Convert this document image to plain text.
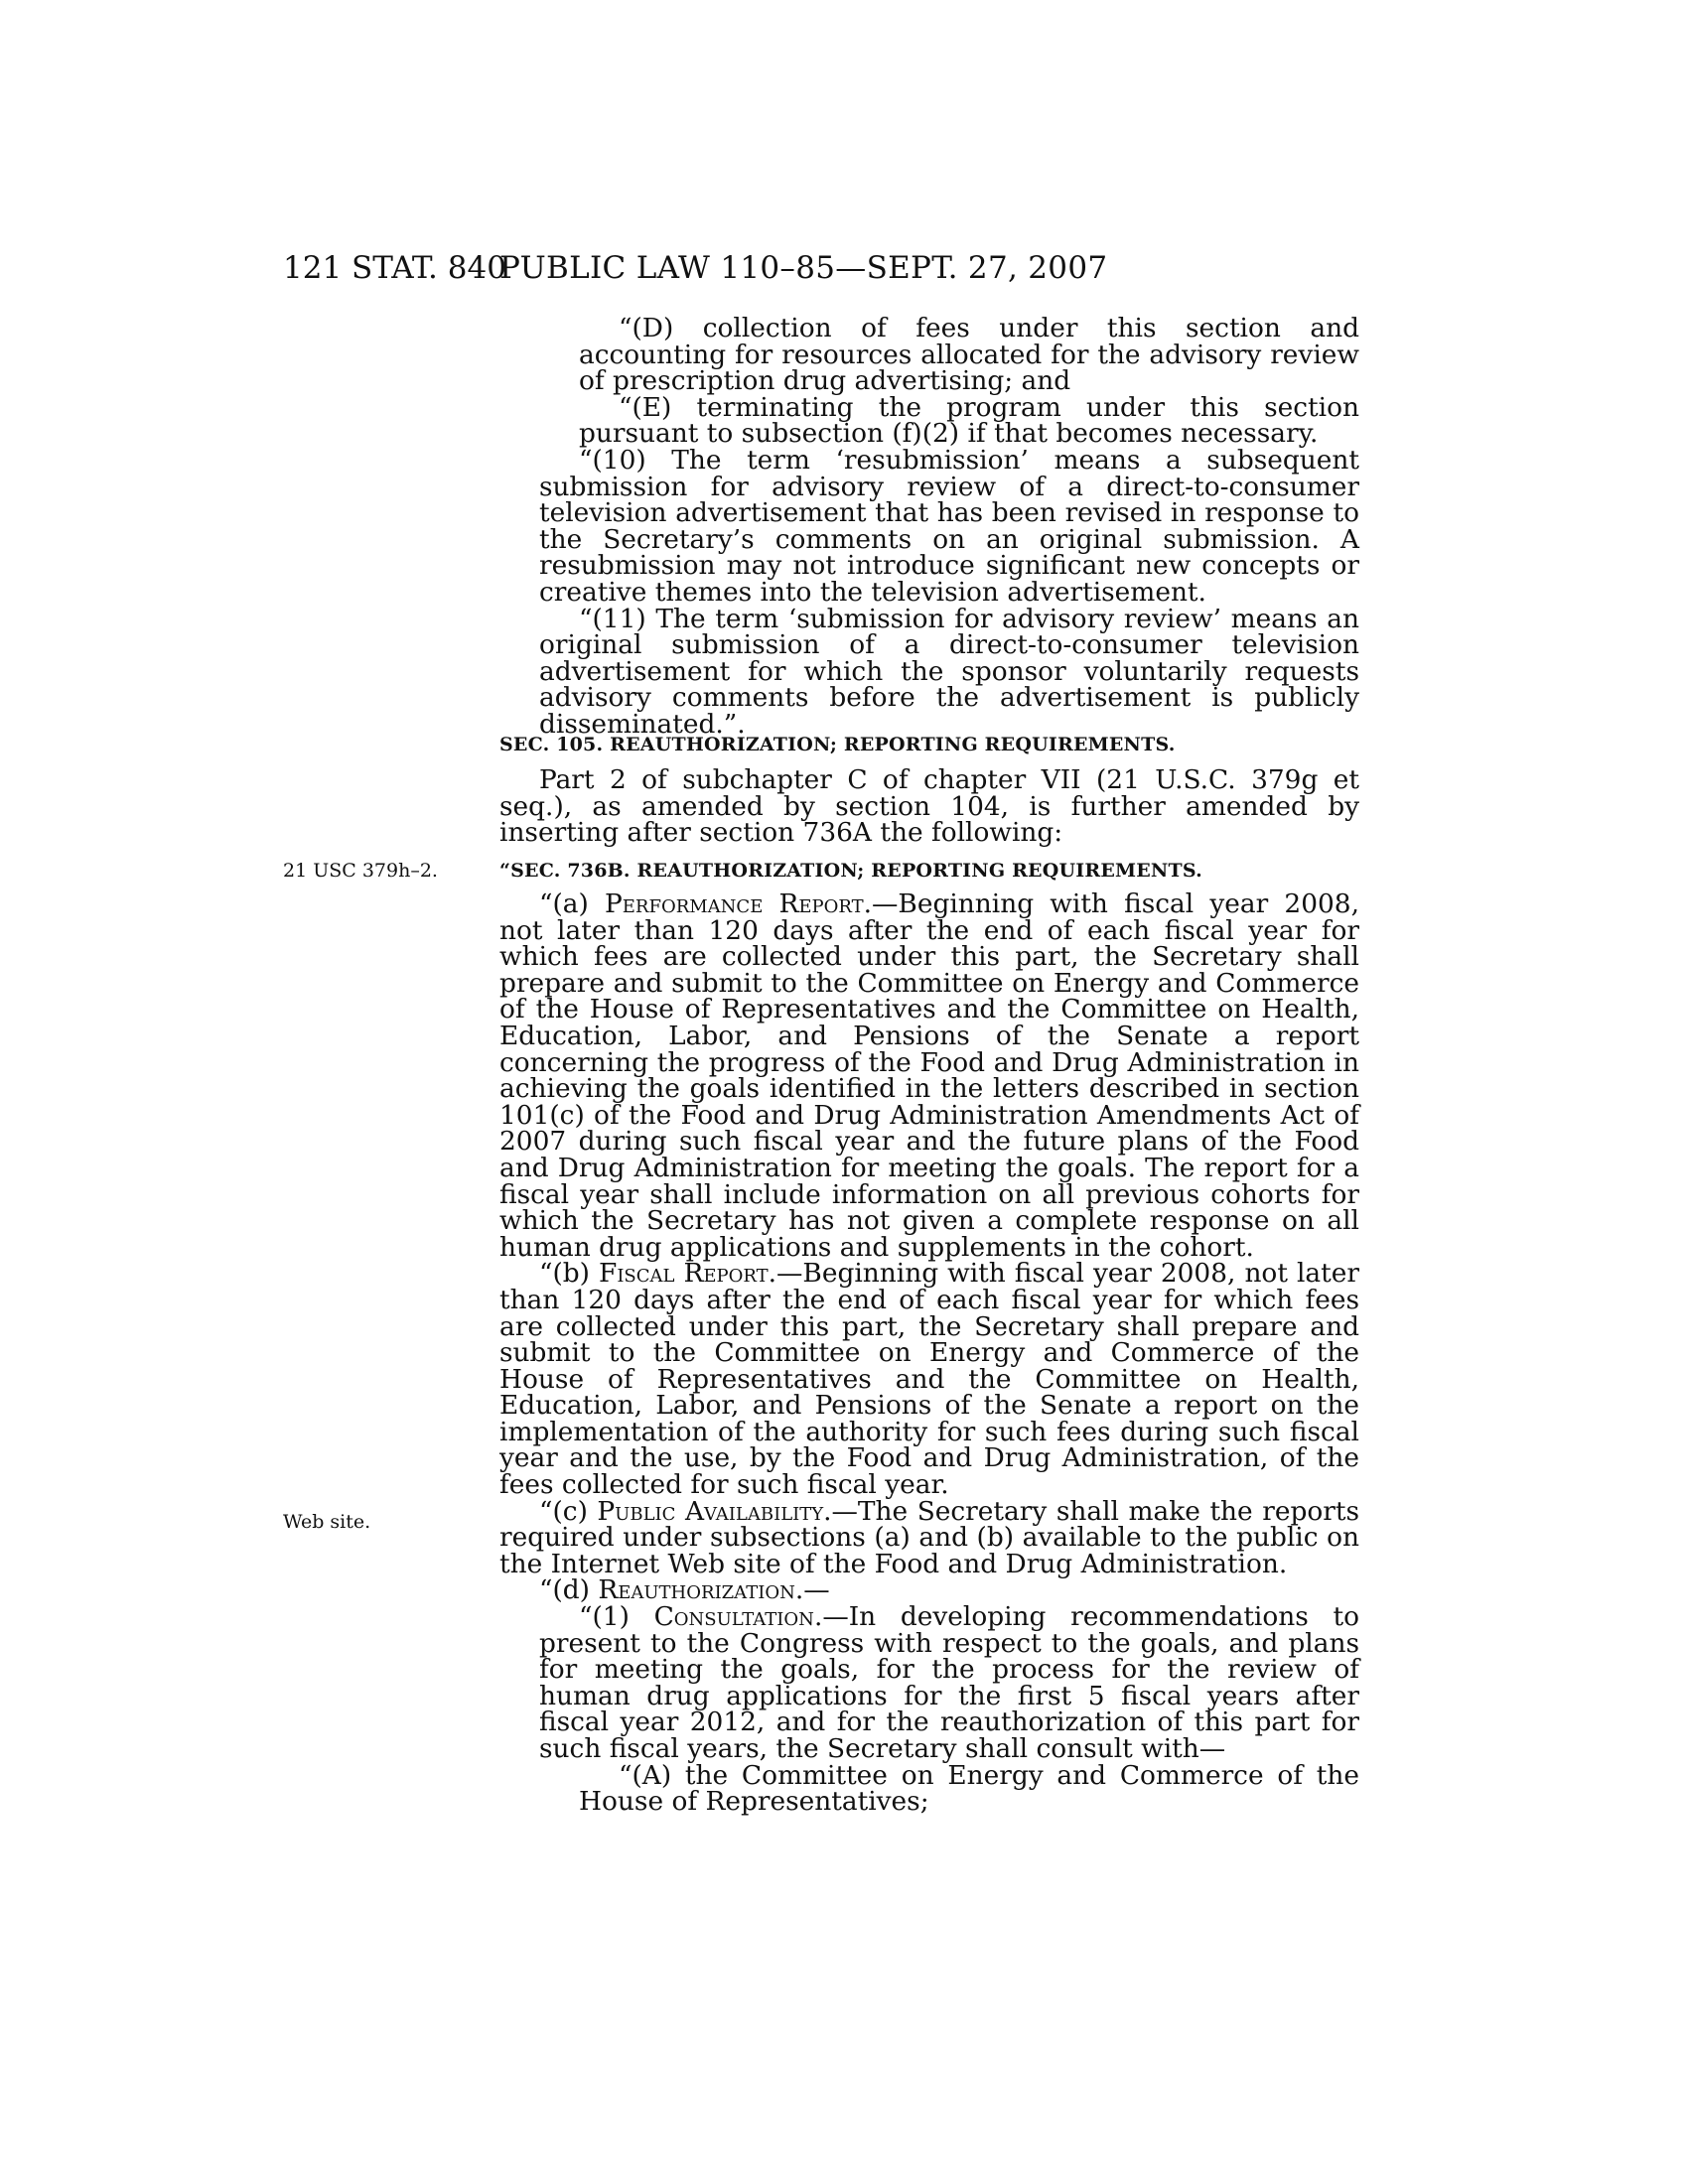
121 STAT. 840
PUBLIC LAW 110–85—SEPT. 27, 2007

“(D) collection of fees under this section and accounting for resources allocated for the advisory review of prescription drug advertising; and

“(E) terminating the program under this section pursuant to subsection (f)(2) if that becomes necessary.

“(10) The term ‘resubmission’ means a subsequent submission for advisory review of a direct-to-consumer television advertisement that has been revised in response to the Secretary’s comments on an original submission. A resubmission may not introduce significant new concepts or creative themes into the television advertisement.

“(11) The term ‘submission for advisory review’ means an original submission of a direct-to-consumer television advertisement for which the sponsor voluntarily requests advisory comments before the advertisement is publicly disseminated.”.

SEC. 105. REAUTHORIZATION; REPORTING REQUIREMENTS.

Part 2 of subchapter C of chapter VII (21 U.S.C. 379g et seq.), as amended by section 104, is further amended by inserting after section 736A the following:

21 USC 379h–2.	“SEC. 736B. REAUTHORIZATION; REPORTING REQUIREMENTS.

“(a) Performance Report.—Beginning with fiscal year 2008, not later than 120 days after the end of each fiscal year for which fees are collected under this part, the Secretary shall prepare and submit to the Committee on Energy and Commerce of the House of Representatives and the Committee on Health, Education, Labor, and Pensions of the Senate a report concerning the progress of the Food and Drug Administration in achieving the goals identified in the letters described in section 101(c) of the Food and Drug Administration Amendments Act of 2007 during such fiscal year and the future plans of the Food and Drug Administration for meeting the goals. The report for a fiscal year shall include information on all previous cohorts for which the Secretary has not given a complete response on all human drug applications and supplements in the cohort.

“(b) Fiscal Report.—Beginning with fiscal year 2008, not later than 120 days after the end of each fiscal year for which fees are collected under this part, the Secretary shall prepare and submit to the Committee on Energy and Commerce of the House of Representatives and the Committee on Health, Education, Labor, and Pensions of the Senate a report on the implementation of the authority for such fees during such fiscal year and the use, by the Food and Drug Administration, of the fees collected for such fiscal year.

“(c) Public Availability.—The Secretary shall make the reports required under subsections (a) and (b) available to the public on the Internet Web site of the Food and Drug Administration.

“(d) Reauthorization.—

“(1) Consultation.—In developing recommendations to present to the Congress with respect to the goals, and plans for meeting the goals, for the process for the review of human drug applications for the first 5 fiscal years after fiscal year 2012, and for the reauthorization of this part for such fiscal years, the Secretary shall consult with—

“(A) the Committee on Energy and Commerce of the House of Representatives;

Web site.
